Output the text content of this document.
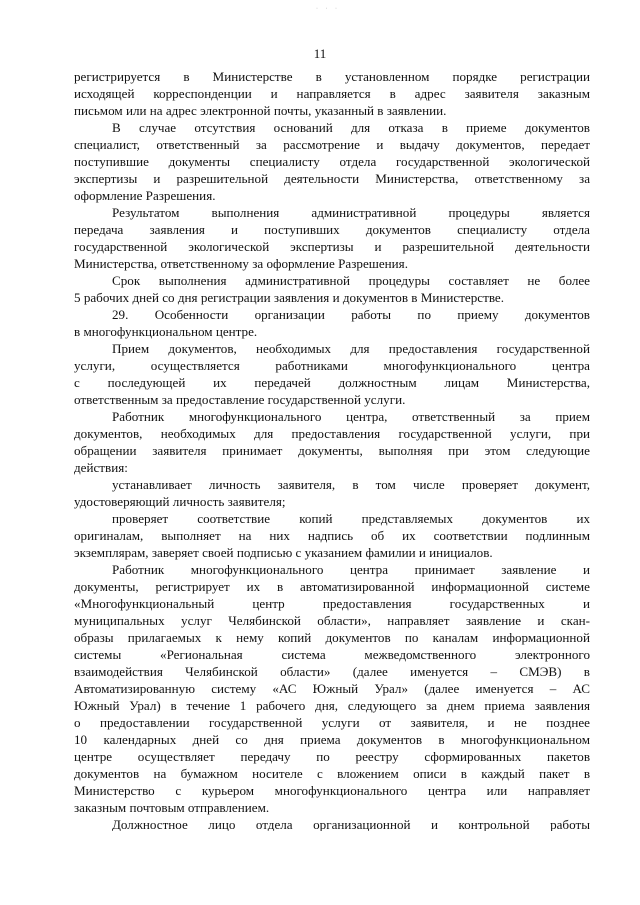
· · ·
11
регистрируется в Министерстве в установленном порядке регистрации
исходящей корреспонденции и направляется в адрес заявителя заказным
письмом или на адрес электронной почты, указанный в заявлении.
В случае отсутствия оснований для отказа в приеме документов
специалист, ответственный за рассмотрение и выдачу документов, передает
поступившие документы специалисту отдела государственной экологической
экспертизы и разрешительной деятельности Министерства, ответственному за
оформление Разрешения.
Результатом выполнения административной процедуры является
передача заявления и поступивших документов специалисту отдела
государственной экологической экспертизы и разрешительной деятельности
Министерства, ответственному за оформление Разрешения.
Срок выполнения административной процедуры составляет не более
5 рабочих дней со дня регистрации заявления и документов в Министерстве.
29. Особенности организации работы по приему документов
в многофункциональном центре.
Прием документов, необходимых для предоставления государственной
услуги, осуществляется работниками многофункционального центра
с последующей их передачей должностным лицам Министерства,
ответственным за предоставление государственной услуги.
Работник многофункционального центра, ответственный за прием
документов, необходимых для предоставления государственной услуги, при
обращении заявителя принимает документы, выполняя при этом следующие
действия:
устанавливает личность заявителя, в том числе проверяет документ,
удостоверяющий личность заявителя;
проверяет соответствие копий представляемых документов их
оригиналам, выполняет на них надпись об их соответствии подлинным
экземплярам, заверяет своей подписью с указанием фамилии и инициалов.
Работник многофункционального центра принимает заявление и
документы, регистрирует их в автоматизированной информационной системе
«Многофункциональный центр предоставления государственных и
муниципальных услуг Челябинской области», направляет заявление и скан-
образы прилагаемых к нему копий документов по каналам информационной
системы «Региональная система межведомственного электронного
взаимодействия Челябинской области» (далее именуется – СМЭВ) в
Автоматизированную систему «АС Южный Урал» (далее именуется – АС
Южный Урал) в течение 1 рабочего дня, следующего за днем приема заявления
о предоставлении государственной услуги от заявителя, и не позднее
10 календарных дней со дня приема документов в многофункциональном
центре осуществляет передачу по реестру сформированных пакетов
документов на бумажном носителе с вложением описи в каждый пакет в
Министерство с курьером многофункционального центра или направляет
заказным почтовым отправлением.
Должностное лицо отдела организационной и контрольной работы
